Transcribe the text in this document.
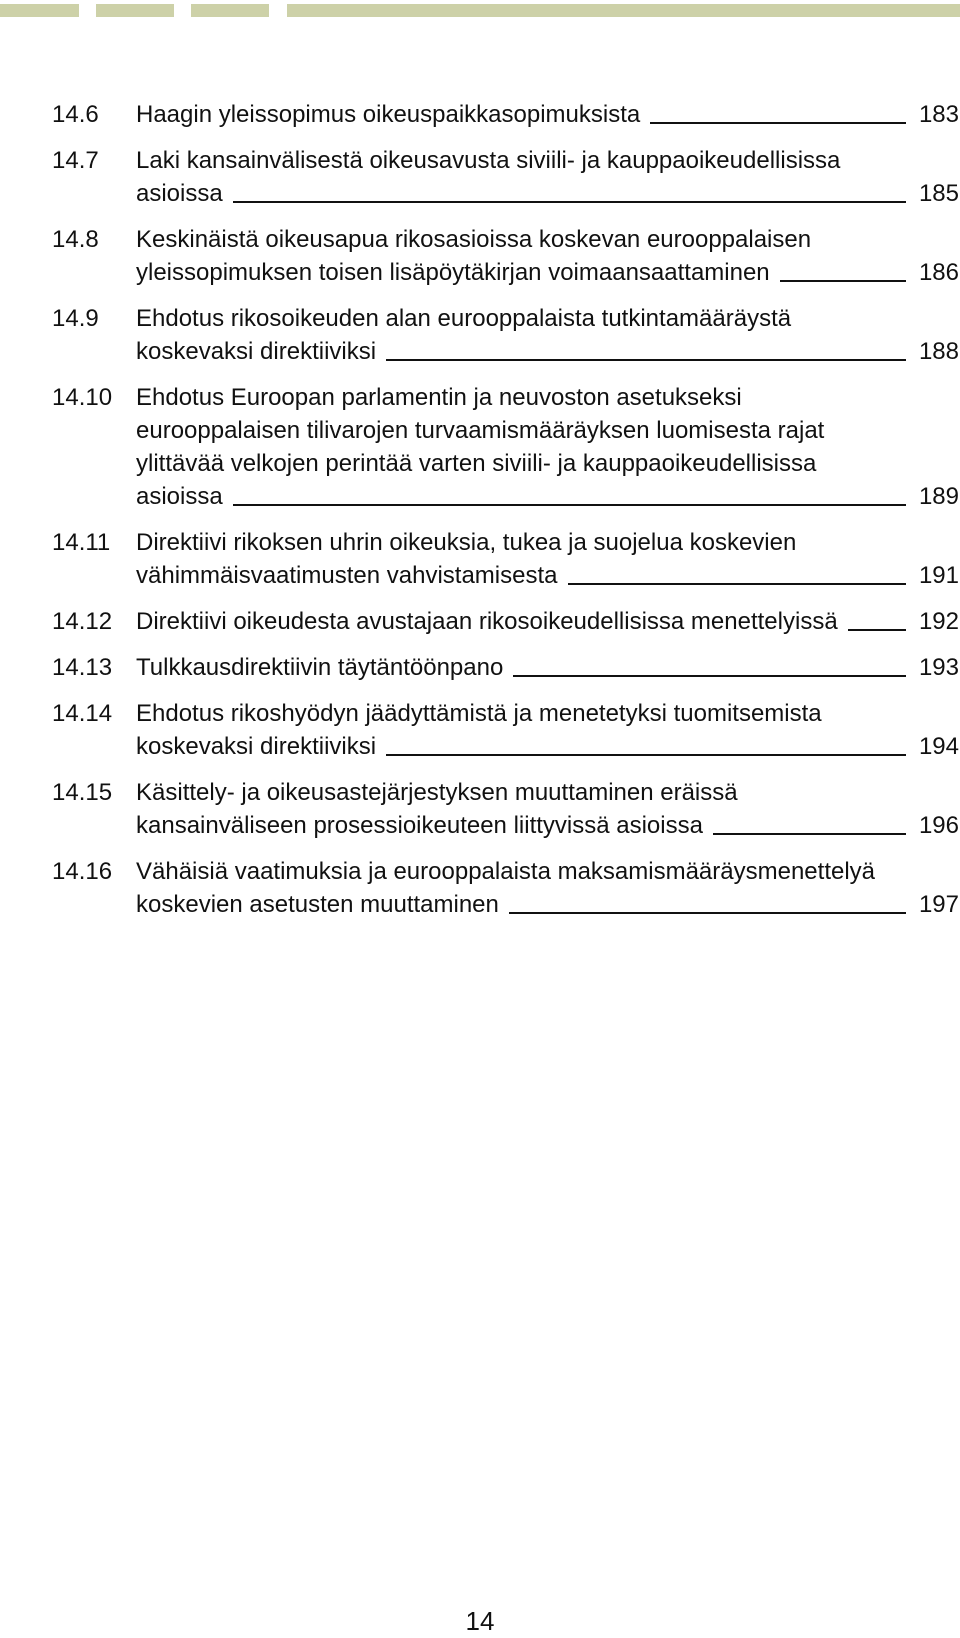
14.6	Haagin yleissopimus oikeuspaikkasopimuksista	183
14.7	Laki kansainvälisestä oikeusavusta siviili- ja kauppaoikeudellisissa
asioissa	185
14.8	Keskinäistä oikeusapua rikosasioissa koskevan eurooppalaisen
yleissopimuksen toisen lisäpöytäkirjan voimaansaattaminen	186
14.9	Ehdotus rikosoikeuden alan eurooppalaista tutkintamääräystä
koskevaksi direktiiviksi	188
14.10 Ehdotus Euroopan parlamentin ja neuvoston asetukseksi
eurooppalaisen tilivarojen turvaamismääräyksen luomisesta rajat
ylittävää velkojen perintää varten siviili- ja kauppaoikeudellisissa
asioissa	189
14.11	Direktiivi rikoksen uhrin oikeuksia, tukea ja suojelua koskevien
vähimmäisvaatimusten vahvistamisesta	191
14.12 Direktiivi oikeudesta avustajaan rikosoikeudellisissa menettelyissä	192
14.13 Tulkkausdirektiivin täytäntöönpano	193
14.14 Ehdotus rikoshyödyn jäädyttämistä ja menetetyksi tuomitsemista
koskevaksi direktiiviksi	194
14.15 Käsittely- ja oikeusastejärjestyksen muuttaminen eräissä
kansainväliseen prosessioikeuteen liittyvissä asioissa	196
14.16 Vähäisiä vaatimuksia ja eurooppalaista maksamismääräysmenettelyä
koskevien asetusten muuttaminen	197
14
